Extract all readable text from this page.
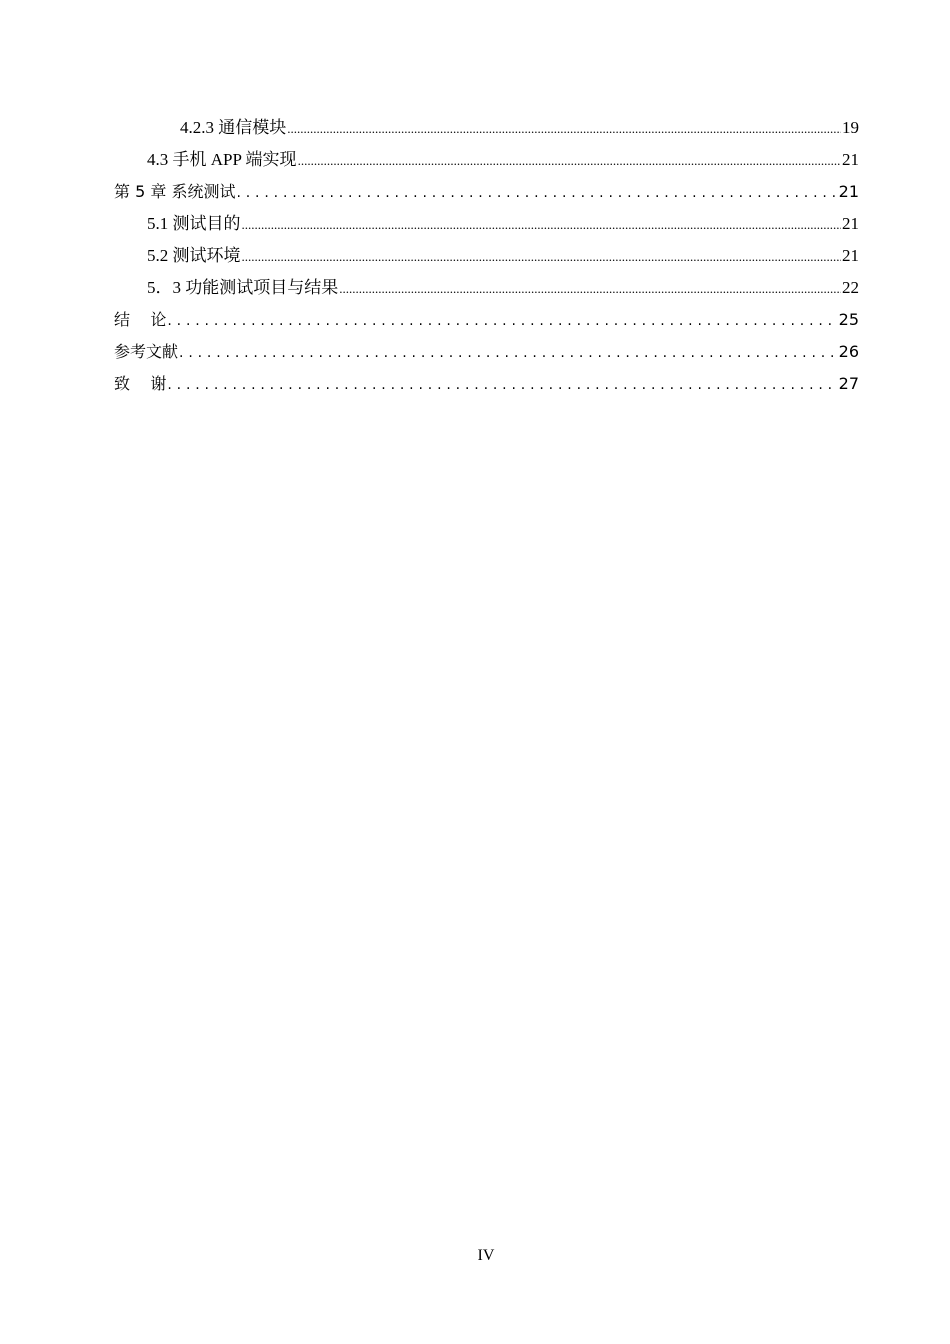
4.2.3 通信模块 .....	19
4.3 手机 APP 端实现 .....	21
第 5 章 系统测试 . . .	21
5.1 测试目的 .....	21
5.2 测试环境 .....	21
5．3 功能测试项目与结果 .....	22
结    论 . . .	25
参考文献 . . .	26
致    谢 . . .	27
IV
